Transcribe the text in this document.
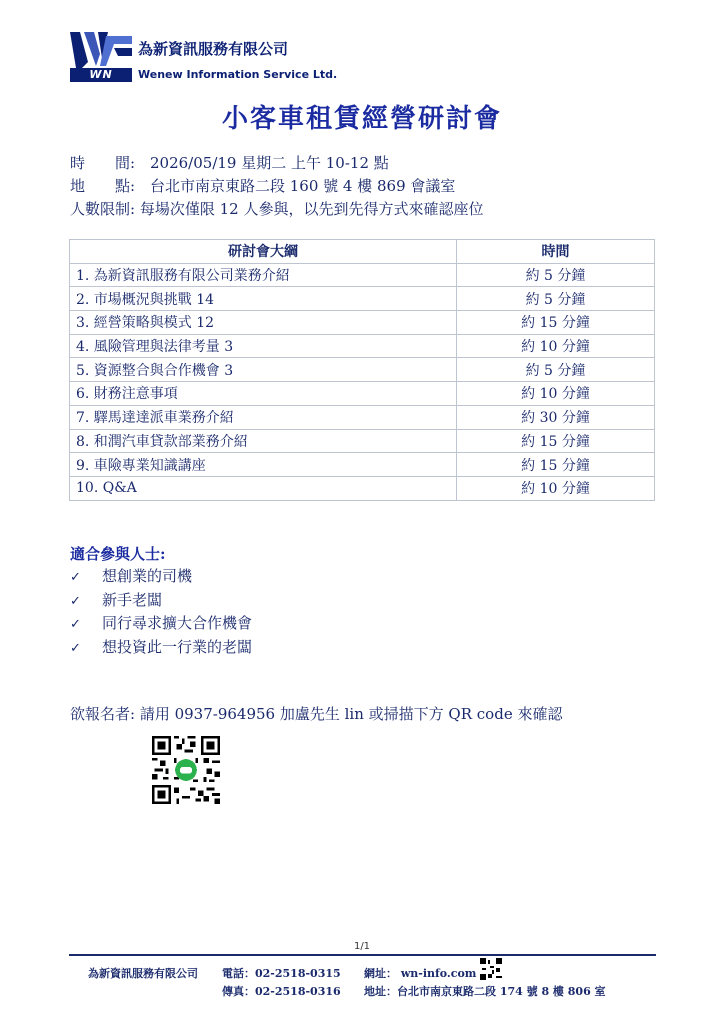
WN INFO
為新資訊服務有限公司
Wenew Information Service Ltd.
小客車租賃經營研討會
時　　間: 2026/05/19 星期二 上午 10-12 點
地　　點: 台北市南京東路二段 160 號 4 樓 869 會議室
人數限制: 每場次僅限 12 人參與，以先到先得方式來確認座位
研討會大綱	時間
1. 為新資訊服務有限公司業務介紹	約 5 分鐘
2. 市場概況與挑戰 14	約 5 分鐘
3. 經營策略與模式 12	約 15 分鐘
4. 風險管理與法律考量 3	約 10 分鐘
5. 資源整合與合作機會 3	約 5 分鐘
6. 財務注意事項	約 10 分鐘
7. 驛馬達達派車業務介紹	約 30 分鐘
8. 和潤汽車貸款部業務介紹	約 15 分鐘
9. 車險專業知識講座	約 15 分鐘
10. Q&A	約 10 分鐘
適合參與人士:
✓ 想創業的司機
✓ 新手老闆
✓ 同行尋求擴大合作機會
✓ 想投資此一行業的老闆
欲報名者: 請用 0937-964956 加盧先生 lin 或掃描下方 QR code 來確認
1/1
為新資訊服務有限公司 電話：02-2518-0315
傳真：02-2518-0316
網址： wn-info.com
地址：台北市南京東路二段 174 號 8 樓 806 室
